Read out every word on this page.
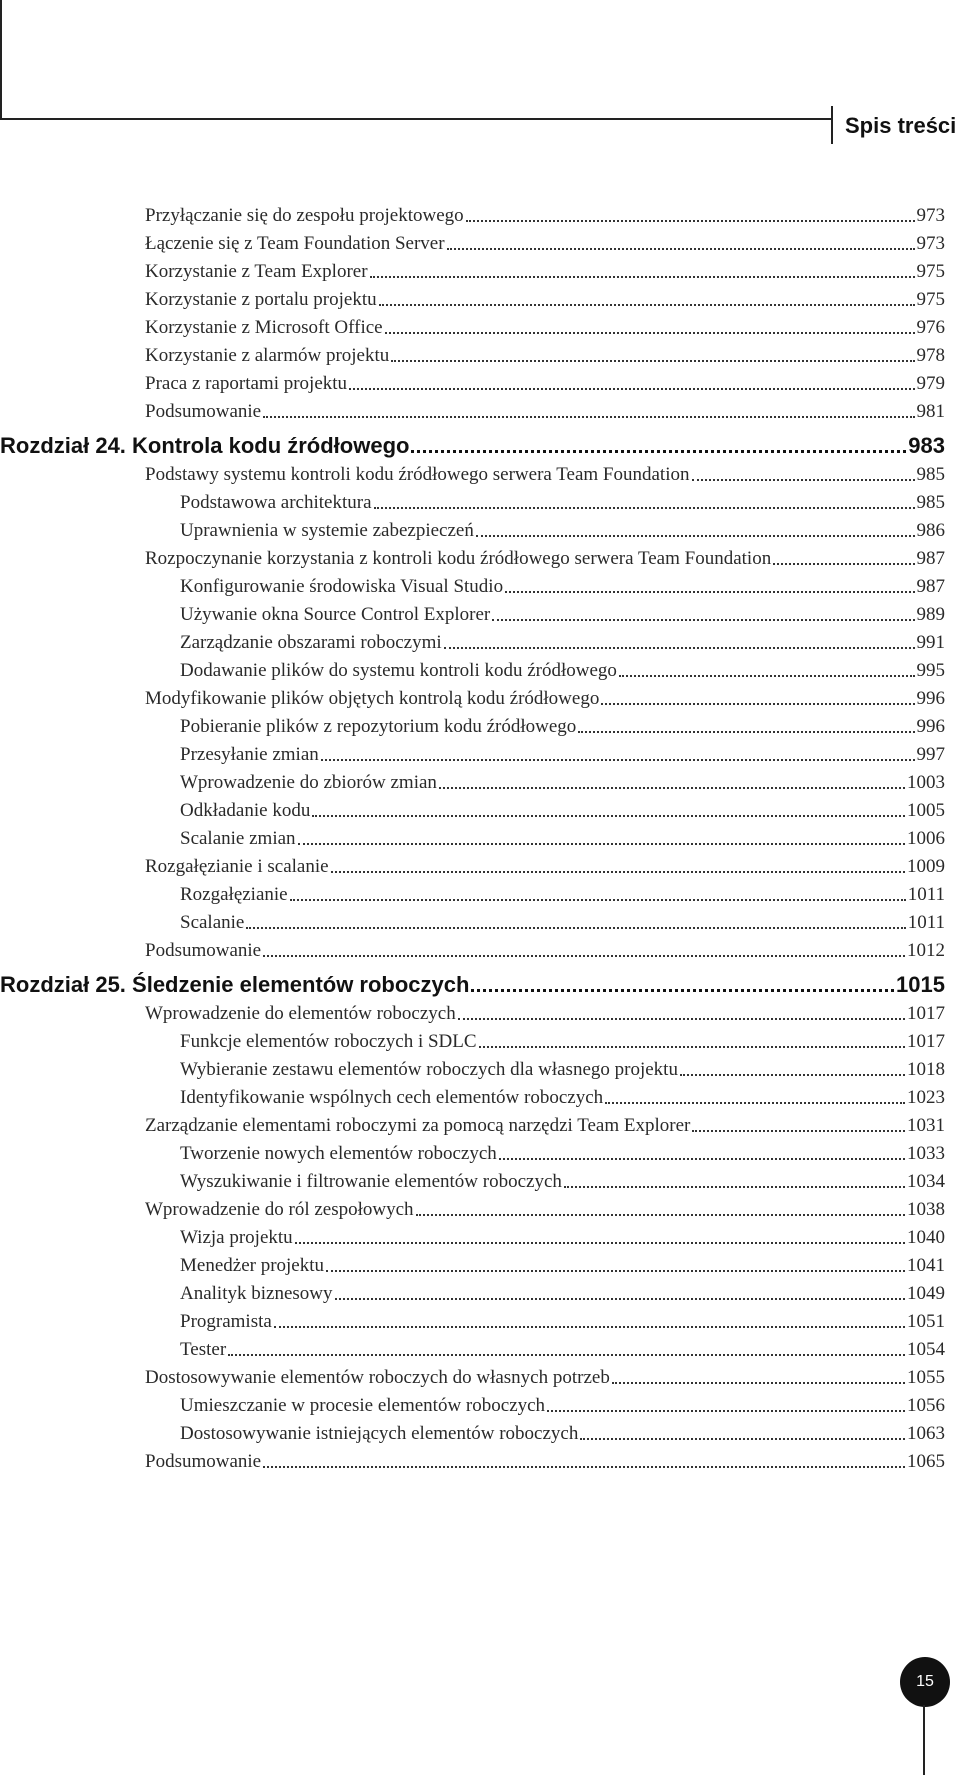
Spis treści
Przyłączanie się do zespołu projektowego	973
Łączenie się z Team Foundation Server	973
Korzystanie z Team Explorer	975
Korzystanie z portalu projektu	975
Korzystanie z Microsoft Office	976
Korzystanie z alarmów projektu	978
Praca z raportami projektu	979
Podsumowanie	981
Rozdział 24. Kontrola kodu źródłowego	983
Podstawy systemu kontroli kodu źródłowego serwera Team Foundation	985
Podstawowa architektura	985
Uprawnienia w systemie zabezpieczeń	986
Rozpoczynanie korzystania z kontroli kodu źródłowego serwera Team Foundation	987
Konfigurowanie środowiska Visual Studio	987
Używanie okna Source Control Explorer	989
Zarządzanie obszarami roboczymi	991
Dodawanie plików do systemu kontroli kodu źródłowego	995
Modyfikowanie plików objętych kontrolą kodu źródłowego	996
Pobieranie plików z repozytorium kodu źródłowego	996
Przesyłanie zmian	997
Wprowadzenie do zbiorów zmian	1003
Odkładanie kodu	1005
Scalanie zmian	1006
Rozgałęzianie i scalanie	1009
Rozgałęzianie	1011
Scalanie	1011
Podsumowanie	1012
Rozdział 25. Śledzenie elementów roboczych	1015
Wprowadzenie do elementów roboczych	1017
Funkcje elementów roboczych i SDLC	1017
Wybieranie zestawu elementów roboczych dla własnego projektu	1018
Identyfikowanie wspólnych cech elementów roboczych	1023
Zarządzanie elementami roboczymi za pomocą narzędzi Team Explorer	1031
Tworzenie nowych elementów roboczych	1033
Wyszukiwanie i filtrowanie elementów roboczych	1034
Wprowadzenie do ról zespołowych	1038
Wizja projektu	1040
Menedżer projektu	1041
Analityk biznesowy	1049
Programista	1051
Tester	1054
Dostosowywanie elementów roboczych do własnych potrzeb	1055
Umieszczanie w procesie elementów roboczych	1056
Dostosowywanie istniejących elementów roboczych	1063
Podsumowanie	1065
15
